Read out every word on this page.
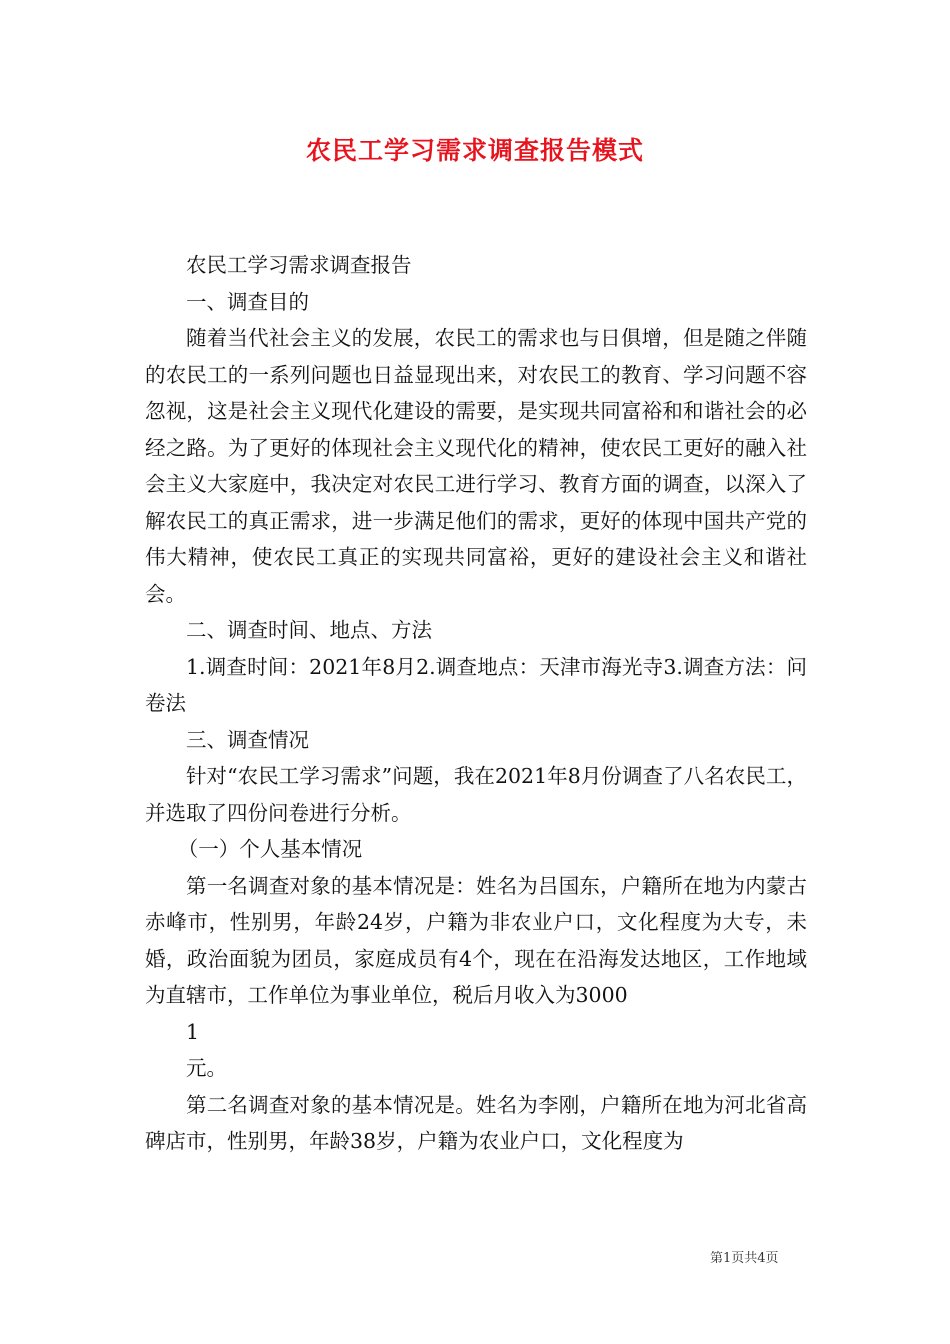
农民工学习需求调查报告模式

农民工学习需求调查报告

一、调查目的

随着当代社会主义的发展，农民工的需求也与日俱增，但是随之伴随的农民工的一系列问题也日益显现出来，对农民工的教育、学习问题不容忽视，这是社会主义现代化建设的需要，是实现共同富裕和和谐社会的必经之路。为了更好的体现社会主义现代化的精神，使农民工更好的融入社会主义大家庭中，我决定对农民工进行学习、教育方面的调查，以深入了解农民工的真正需求，进一步满足他们的需求，更好的体现中国共产党的伟大精神，使农民工真正的实现共同富裕，更好的建设社会主义和谐社会。

二、调查时间、地点、方法

1.调查时间：2021年8月2.调查地点：天津市海光寺3.调查方法：问卷法

三、调查情况

针对“农民工学习需求”问题，我在2021年8月份调查了八名农民工，并选取了四份问卷进行分析。

（一）个人基本情况

第一名调查对象的基本情况是：姓名为吕国东，户籍所在地为内蒙古赤峰市，性别男，年龄24岁，户籍为非农业户口，文化程度为大专，未婚，政治面貌为团员，家庭成员有4个，现在在沿海发达地区，工作地域为直辖市，工作单位为事业单位，税后月收入为3000

1

元。

第二名调查对象的基本情况是。姓名为李刚，户籍所在地为河北省高碑店市，性别男，年龄38岁，户籍为农业户口，文化程度为

第1页共4页
